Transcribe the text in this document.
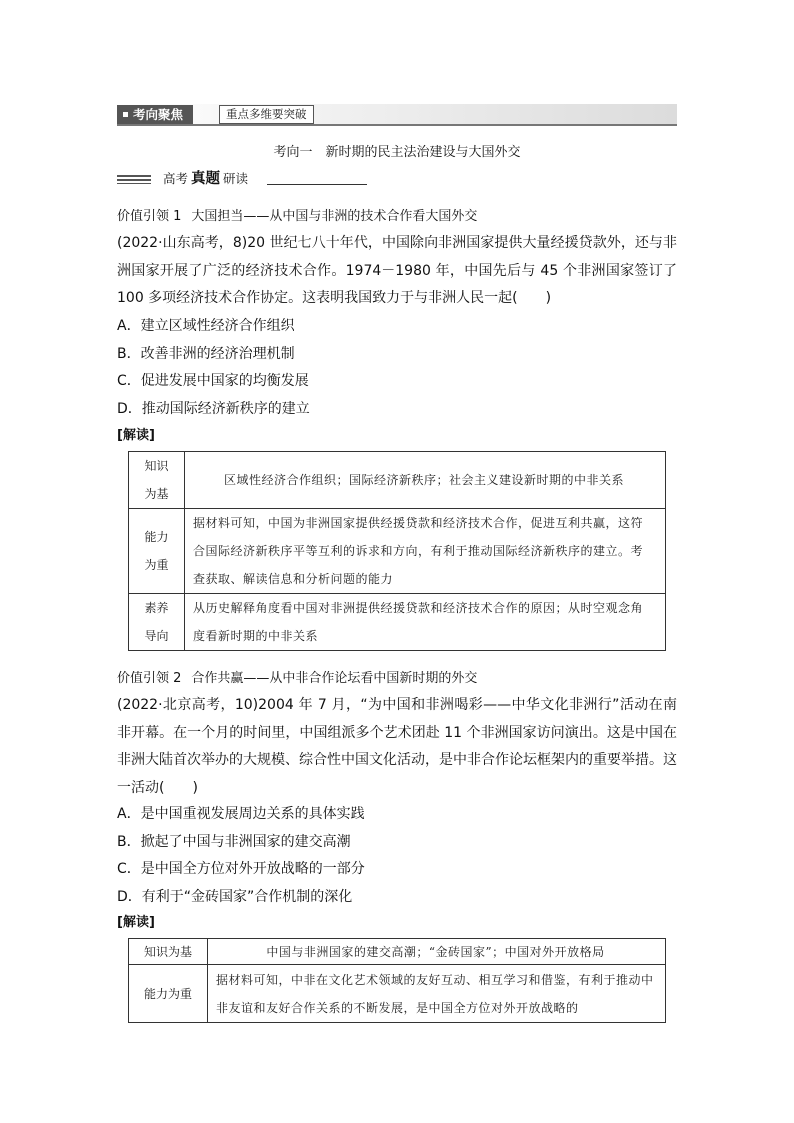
考向聚焦	重点多维要突破
考向一　新时期的民主法治建设与大国外交
高考 真题 研读
价值引领 1 大国担当——从中国与非洲的技术合作看大国外交
(2022·山东高考，8)20 世纪七八十年代，中国除向非洲国家提供大量经援贷款外，还与非洲国家开展了广泛的经济技术合作。1974－1980 年，中国先后与 45 个非洲国家签订了 100 多项经济技术合作协定。这表明我国致力于与非洲人民一起(　　)
A．建立区域性经济合作组织
B．改善非洲的经济治理机制
C．促进发展中国家的均衡发展
D．推动国际经济新秩序的建立
[解读]
知识为基	区域性经济合作组织；国际经济新秩序；社会主义建设新时期的中非关系
能力为重	据材料可知，中国为非洲国家提供经援贷款和经济技术合作，促进互利共赢，这符合国际经济新秩序平等互利的诉求和方向，有利于推动国际经济新秩序的建立。考查获取、解读信息和分析问题的能力
素养导向	从历史解释角度看中国对非洲提供经援贷款和经济技术合作的原因；从时空观念角度看新时期的中非关系
价值引领 2 合作共赢——从中非合作论坛看中国新时期的外交
(2022·北京高考，10)2004 年 7 月，“为中国和非洲喝彩——中华文化非洲行”活动在南非开幕。在一个月的时间里，中国组派多个艺术团赴 11 个非洲国家访问演出。这是中国在非洲大陆首次举办的大规模、综合性中国文化活动，是中非合作论坛框架内的重要举措。这一活动(　　)
A．是中国重视发展周边关系的具体实践
B．掀起了中国与非洲国家的建交高潮
C．是中国全方位对外开放战略的一部分
D．有利于“金砖国家”合作机制的深化
[解读]
知识为基	中国与非洲国家的建交高潮；“金砖国家”；中国对外开放格局
能力为重	据材料可知，中非在文化艺术领域的友好互动、相互学习和借鉴，有利于推动中非友谊和友好合作关系的不断发展，是中国全方位对外开放战略的
